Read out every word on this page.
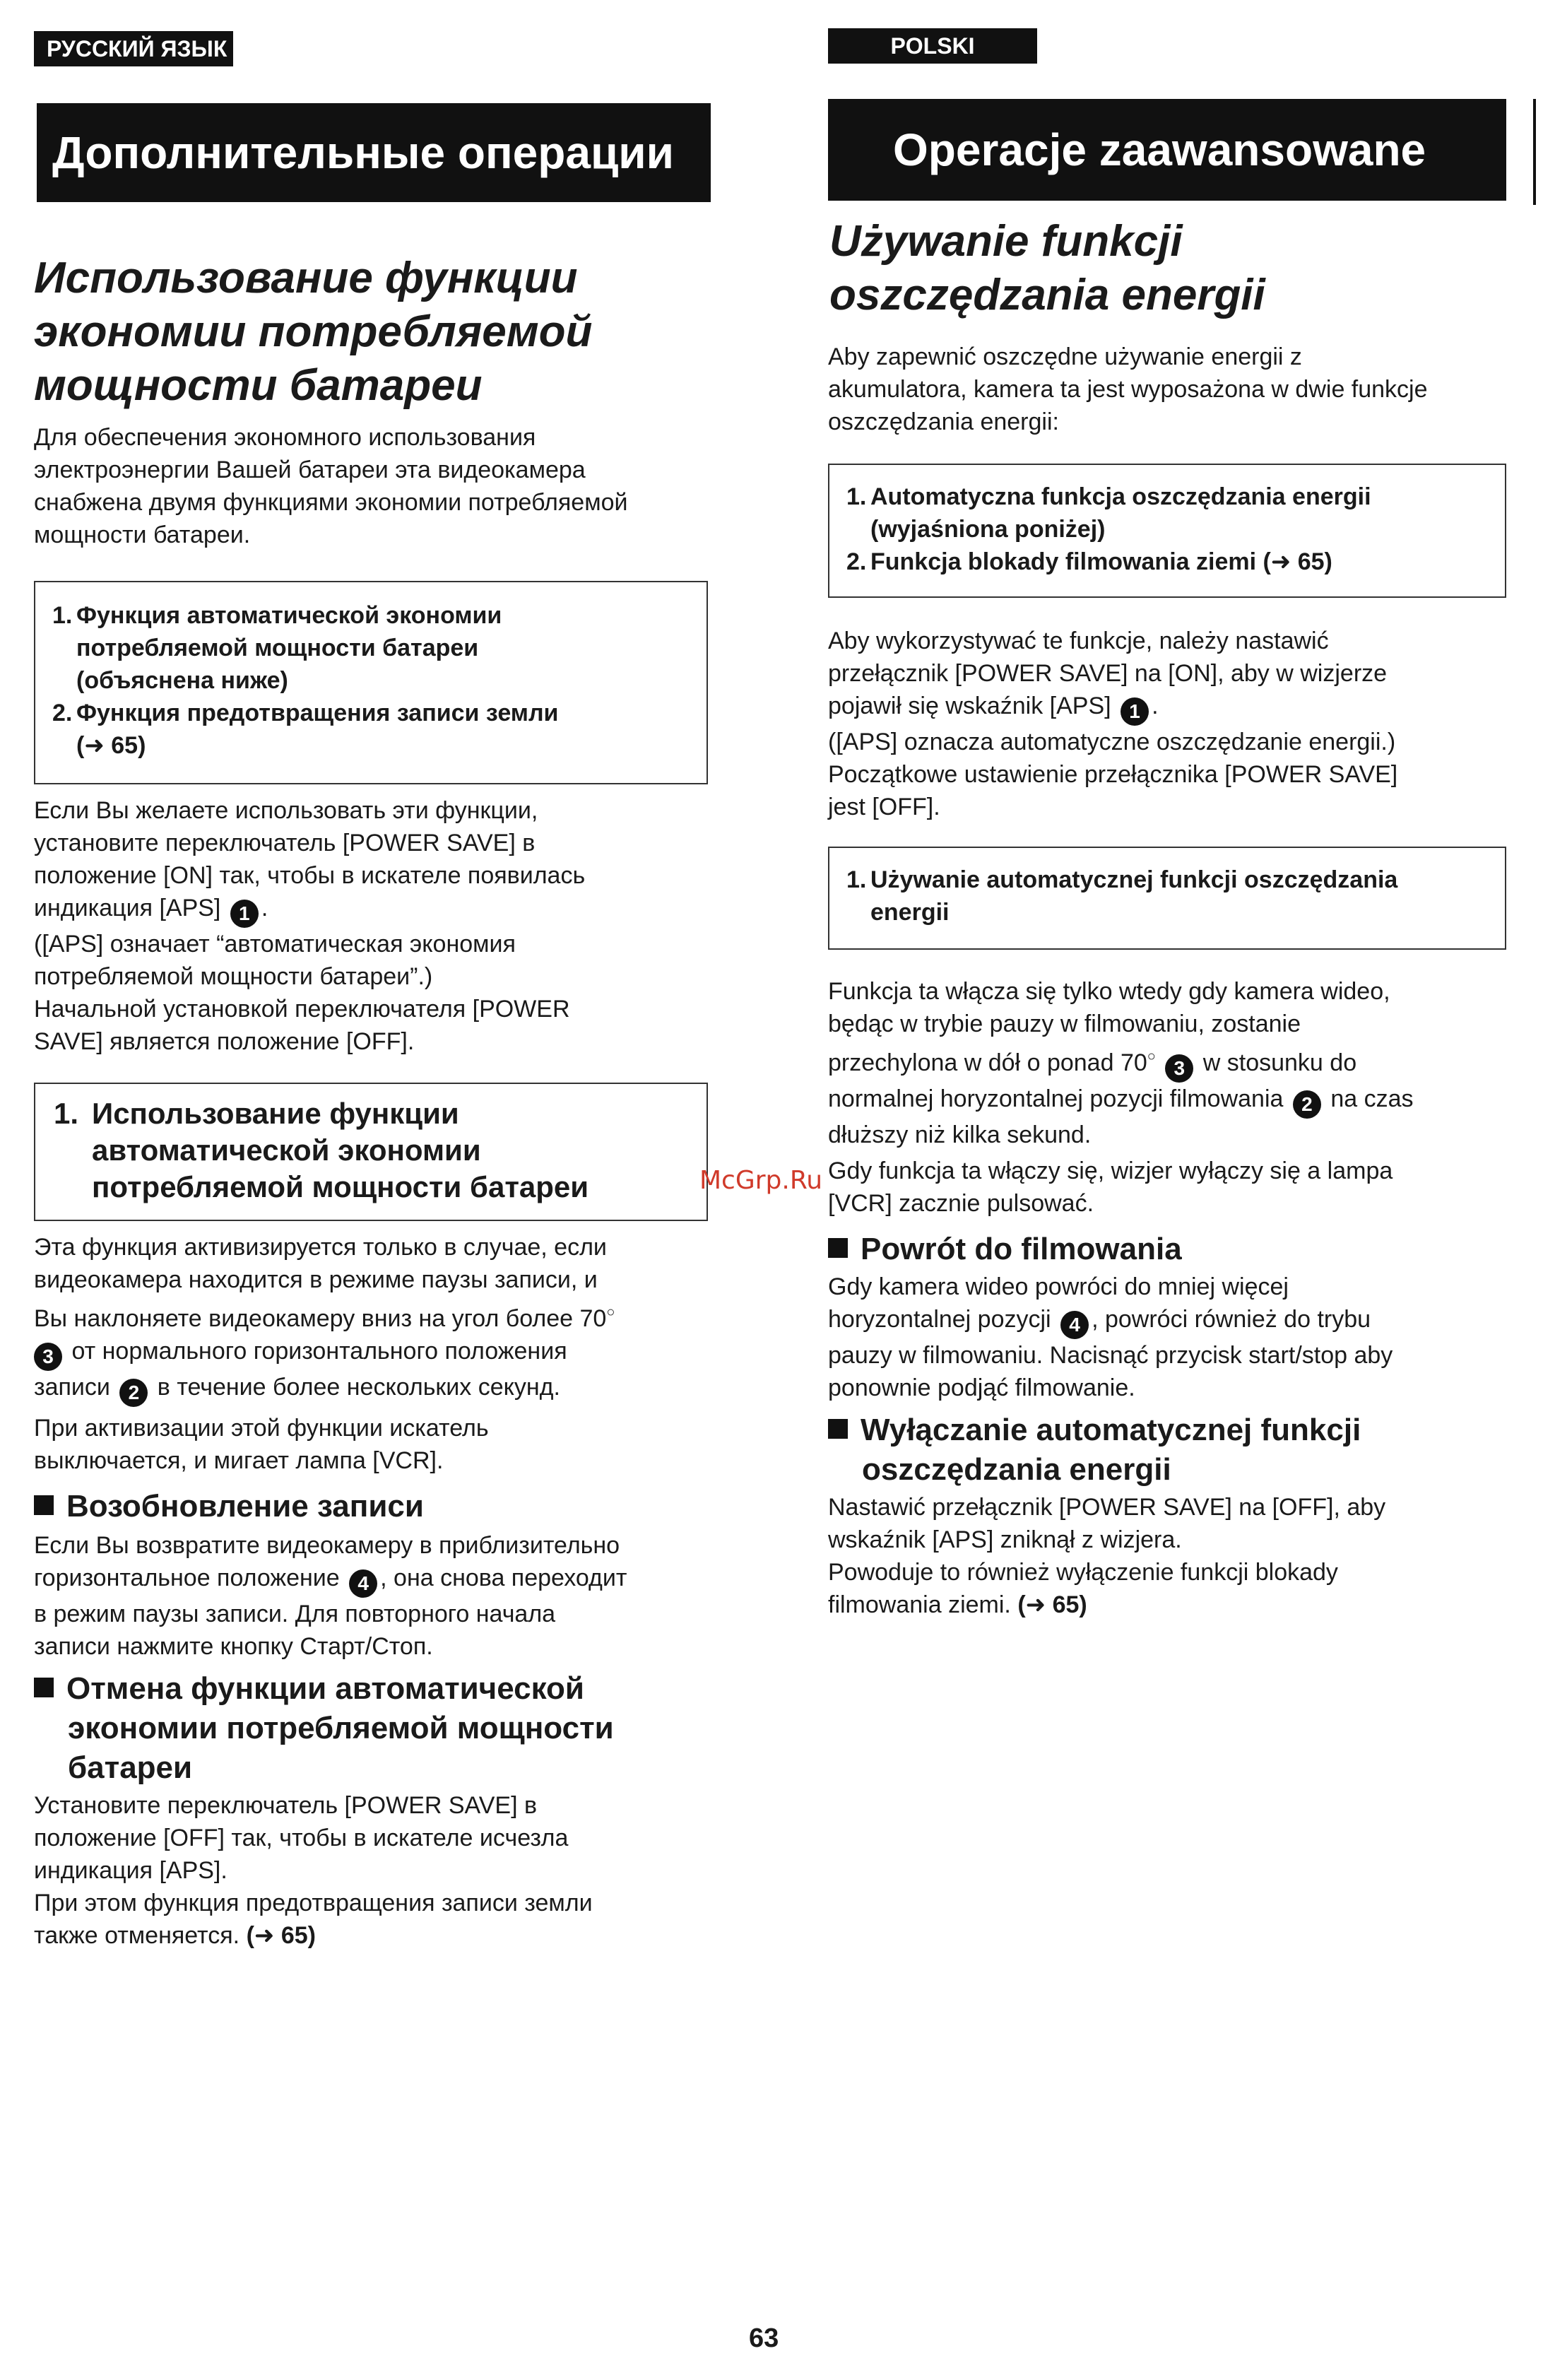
РУССКИЙ ЯЗЫК
Дополнительные операции
Использование функции
экономии потребляемой
мощности батареи

Для обеспечения экономного использования
электроэнергии Вашей батареи эта видеокамера
снабжена двумя функциями экономии потребляемой
мощности батареи.

1. Функция автоматической экономии
потребляемой мощности батареи
(объяснена ниже)
2. Функция предотвращения записи земли
(➜ 65)

Если Вы желаете использовать эти функции,
установите переключатель [POWER SAVE] в
положение [ON] так, чтобы в искателе появилась
индикация [APS] 1 .
([APS] означает “автоматическая экономия
потребляемой мощности батареи”.)
Начальной установкой переключателя [POWER
SAVE] является положение [OFF].

1. Использование функции
автоматической экономии
потребляемой мощности батареи

Эта функция активизируется только в случае, если
видеокамера находится в режиме паузы записи, и
Вы наклоняете видеокамеру вниз на угол более 70○
3 от нормального горизонтального положения
записи 2 в течение более нескольких секунд.

При активизации этой функции искатель
выключается, и мигает лампа [VCR].

Возобновление записи

Если Вы возвратите видеокамеру в приблизительно
горизонтальное положение 4 , она снова переходит
в режим паузы записи. Для повторного начала
записи нажмите кнопку Старт/Стоп.

Отмена функции автоматической
экономии потребляемой мощности
батареи

Установите переключатель [POWER SAVE] в
положение [OFF] так, чтобы в искателе исчезла
индикация [APS].
При этом функция предотвращения записи земли
также отменяется. (➜ 65)

POLSKI
Operacje zaawansowane
Używanie funkcji
oszczędzania energii

Aby zapewnić oszczędne używanie energii z
akumulatora, kamera ta jest wyposażona w dwie funkcje
oszczędzania energii:

1. Automatyczna funkcja oszczędzania energii
(wyjaśniona poniżej)
2. Funkcja blokady filmowania ziemi (➜ 65)

Aby wykorzystywać te funkcje, należy nastawić
przełącznik [POWER SAVE] na [ON], aby w wizjerze
pojawił się wskaźnik [APS] 1 .
([APS] oznacza automatyczne oszczędzanie energii.)
Początkowe ustawienie przełącznika [POWER SAVE]
jest [OFF].

1. Używanie automatycznej funkcji oszczędzania
energii

Funkcja ta włącza się tylko wtedy gdy kamera wideo,
będąc w trybie pauzy w filmowaniu, zostanie
przechylona w dół o ponad 70○ 3 w stosunku do
normalnej horyzontalnej pozycji filmowania 2 na czas
dłuższy niż kilka sekund.

Gdy funkcja ta włączy się, wizjer wyłączy się a lampa
[VCR] zacznie pulsować.

Powrót do filmowania

Gdy kamera wideo powróci do mniej więcej
horyzontalnej pozycji 4 , powróci również do trybu
pauzy w filmowaniu. Nacisnąć przycisk start/stop aby
ponownie podjąć filmowanie.

Wyłączanie automatycznej funkcji
oszczędzania energii

Nastawić przełącznik [POWER SAVE] na [OFF], aby
wskaźnik [APS] zniknął z wizjera.
Powoduje to również wyłączenie funkcji blokady
filmowania ziemi. (➜ 65)

McGrp.Ru
63
